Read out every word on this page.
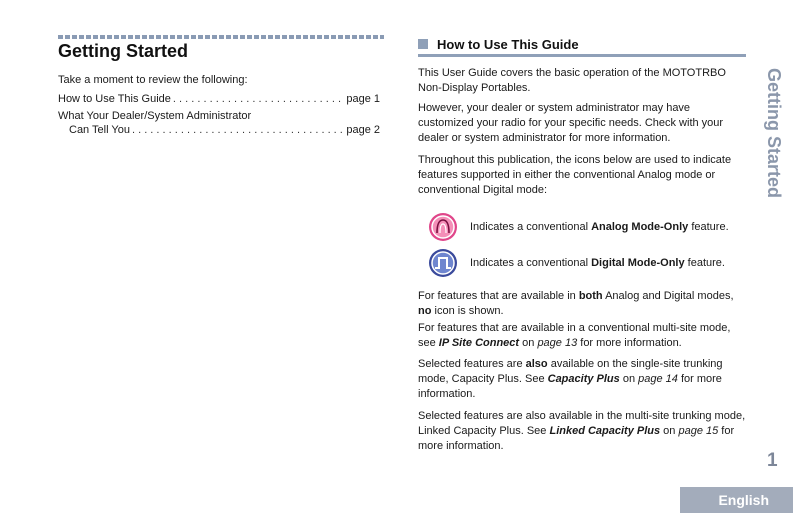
Getting Started
Take a moment to review the following:
How to Use This Guide . . .	page 1
What Your Dealer/System Administrator
Can Tell You . . .	page 2
How to Use This Guide
This User Guide covers the basic operation of the MOTOTRBO Non-Display Portables.
However, your dealer or system administrator may have customized your radio for your specific needs. Check with your dealer or system administrator for more information.
Throughout this publication, the icons below are used to indicate features supported in either the conventional Analog mode or conventional Digital mode:
Indicates a conventional Analog Mode-Only feature.
Indicates a conventional Digital Mode-Only feature.
For features that are available in both Analog and Digital modes, no icon is shown.
For features that are available in a conventional multi-site mode, see IP Site Connect on page 13 for more information.
Selected features are also available on the single-site trunking mode, Capacity Plus. See Capacity Plus on page 14 for more information.
Selected features are also available in the multi-site trunking mode, Linked Capacity Plus. See Linked Capacity Plus on page 15 for more information.
Getting Started
1
English
